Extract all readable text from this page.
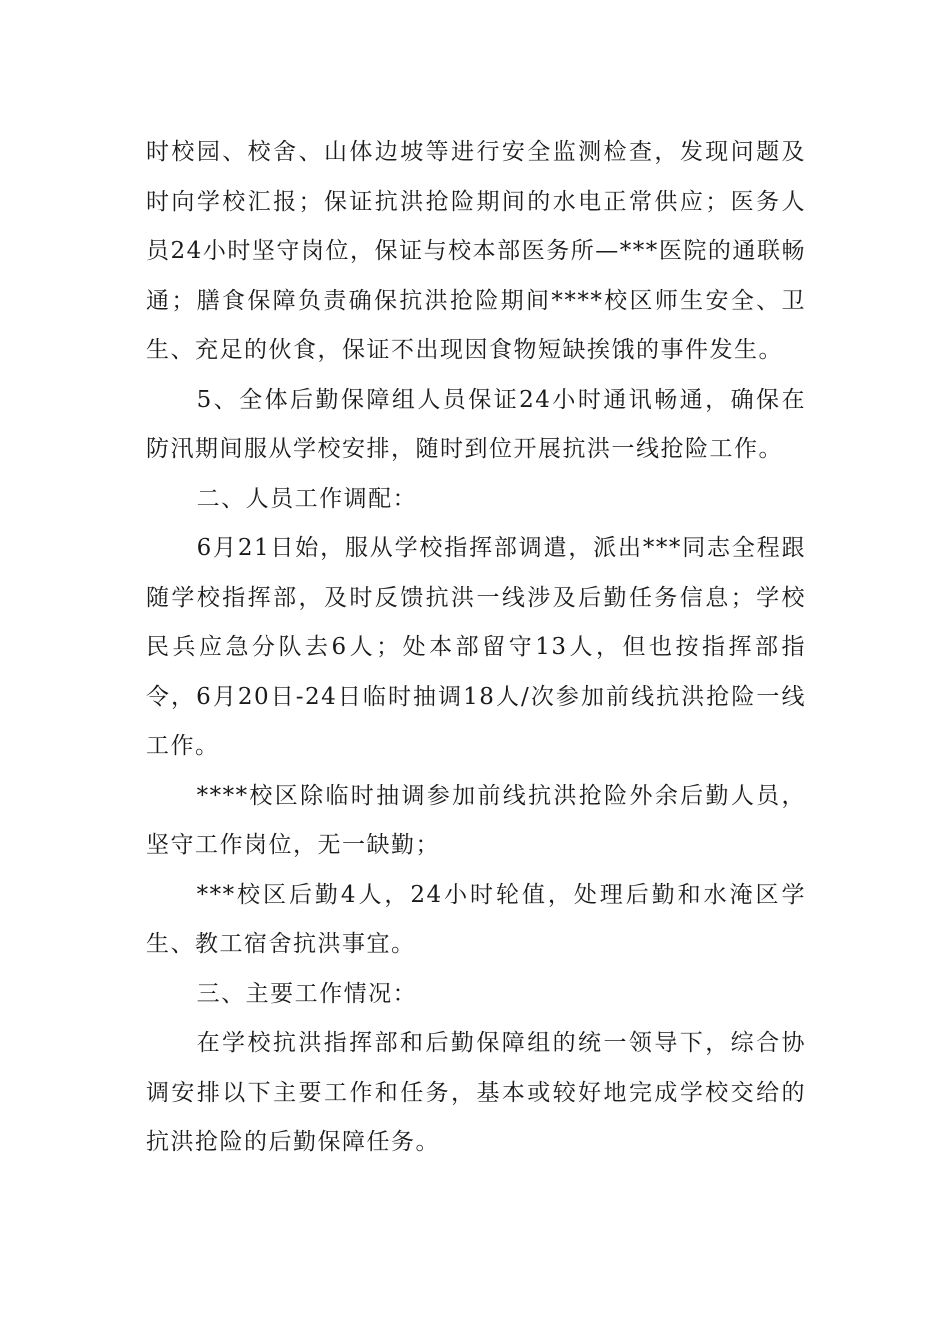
时校园、校舍、山体边坡等进行安全监测检查，发现问题及时向学校汇报；保证抗洪抢险期间的水电正常供应；医务人员24小时坚守岗位，保证与校本部医务所—***医院的通联畅通；膳食保障负责确保抗洪抢险期间****校区师生安全、卫生、充足的伙食，保证不出现因食物短缺挨饿的事件发生。

5、全体后勤保障组人员保证24小时通讯畅通，确保在防汛期间服从学校安排，随时到位开展抗洪一线抢险工作。

二、人员工作调配：

6月21日始，服从学校指挥部调遣，派出***同志全程跟随学校指挥部，及时反馈抗洪一线涉及后勤任务信息；学校民兵应急分队去6人；处本部留守13人，但也按指挥部指令，6月20日-24日临时抽调18人/次参加前线抗洪抢险一线工作。

****校区除临时抽调参加前线抗洪抢险外余后勤人员，坚守工作岗位，无一缺勤；

***校区后勤4人，24小时轮值，处理后勤和水淹区学生、教工宿舍抗洪事宜。

三、主要工作情况：

在学校抗洪指挥部和后勤保障组的统一领导下，综合协调安排以下主要工作和任务，基本或较好地完成学校交给的抗洪抢险的后勤保障任务。
